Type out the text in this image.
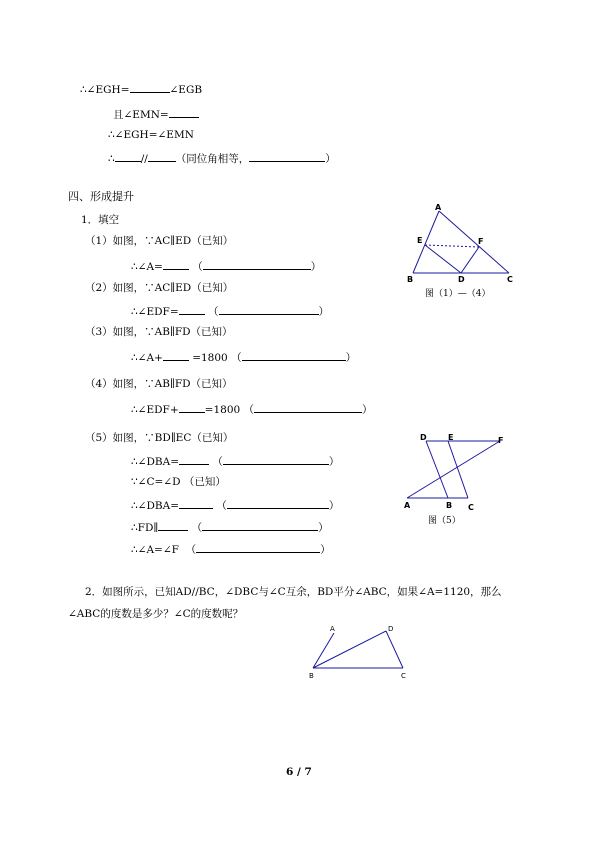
∴∠EGH=	∠EGB
且∠EMN=
∴∠EGH=∠EMN
∴ //	（同位角相等，	）
四、形成提升
1．填空
（1）如图，∵AC∥ED（已知）
∴∠A=	（	）
（2）如图，∵AC∥ED（已知）
∴∠EDF=	（	）
（3）如图，∵AB∥FD（已知）
∴∠A+	=1800 （	）
（4）如图，∵AB∥FD（已知）
∴∠EDF+ =1800 （	）
（5）如图，∵BD∥EC（已知）
∴∠DBA=	（	）
∵∠C=∠D （已知）
∴∠DBA=	（	）
∴FD∥	（	）
∴∠A=∠F （	）
2．如图所示，已知AD//BC，∠DBC与∠C互余，BD平分∠ABC，如果∠A=1120，那么
∠ABC的度数是多少？∠C的度数呢？
A
E	F
B	D	C
图（1）—（4）
D	E	F
A	B C
图（5）
A	D
B	C
6 / 7
